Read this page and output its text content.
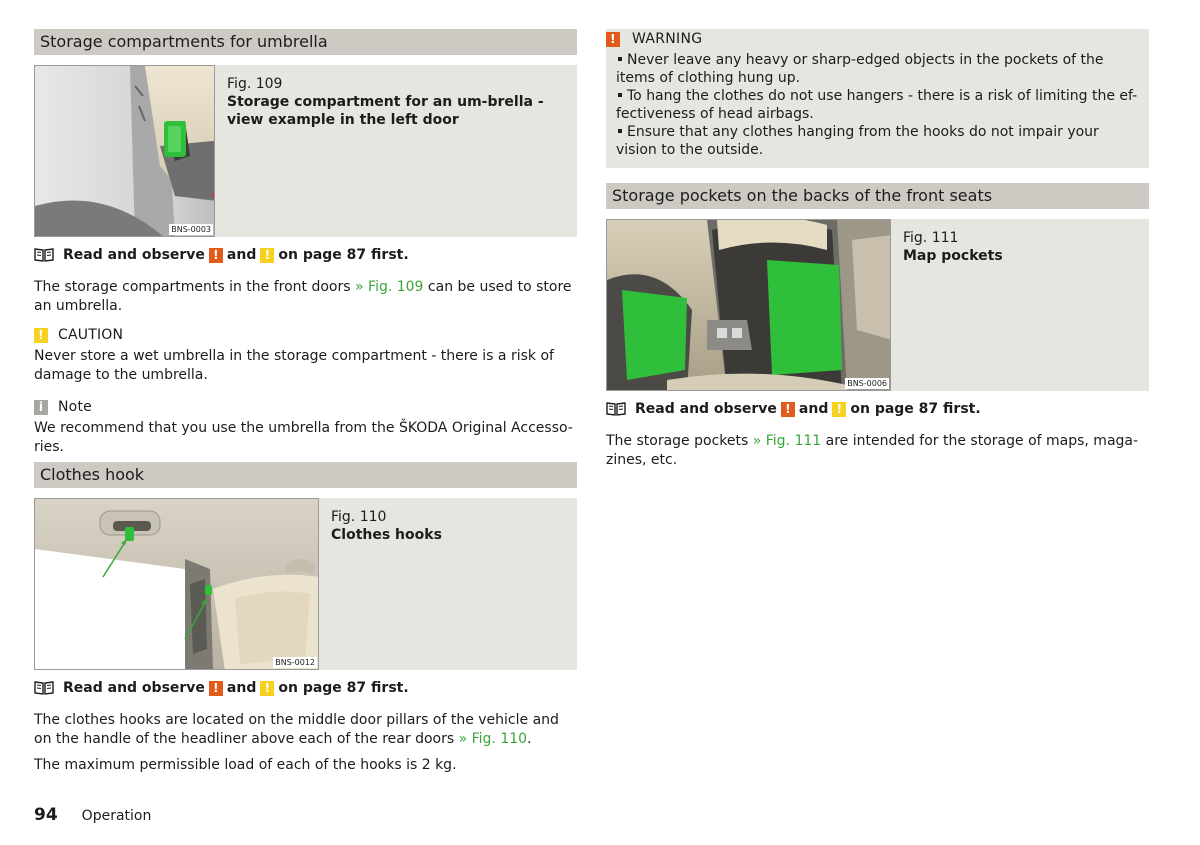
Storage compartments for umbrella
BNS-0003
Fig. 109
Storage compartment for an um-brella - view example in the left door
Read and observe ! and ! on page 87 first.

The storage compartments in the front doors » Fig. 109 can be used to store an umbrella.

! CAUTION
Never store a wet umbrella in the storage compartment - there is a risk of damage to the umbrella.
i	Note
We recommend that you use the umbrella from the ŠKODA Original Accesso-ries.
Clothes hook
BNS-0012
Fig. 110
Clothes hooks
Read and observe ! and ! on page 87 first.

The clothes hooks are located on the middle door pillars of the vehicle and on the handle of the headliner above each of the rear doors » Fig. 110.

The maximum permissible load of each of the hooks is 2 kg.

! WARNING
Never leave any heavy or sharp-edged objects in the pockets of the items of clothing hung up.
To hang the clothes do not use hangers - there is a risk of limiting the ef-fectiveness of head airbags.
Ensure that any clothes hanging from the hooks do not impair your vision to the outside.
Storage pockets on the backs of the front seats
BNS-0006
Fig. 111
Map pockets
Read and observe ! and ! on page 87 first.

The storage pockets » Fig. 111 are intended for the storage of maps, maga-zines, etc.

94 Operation
